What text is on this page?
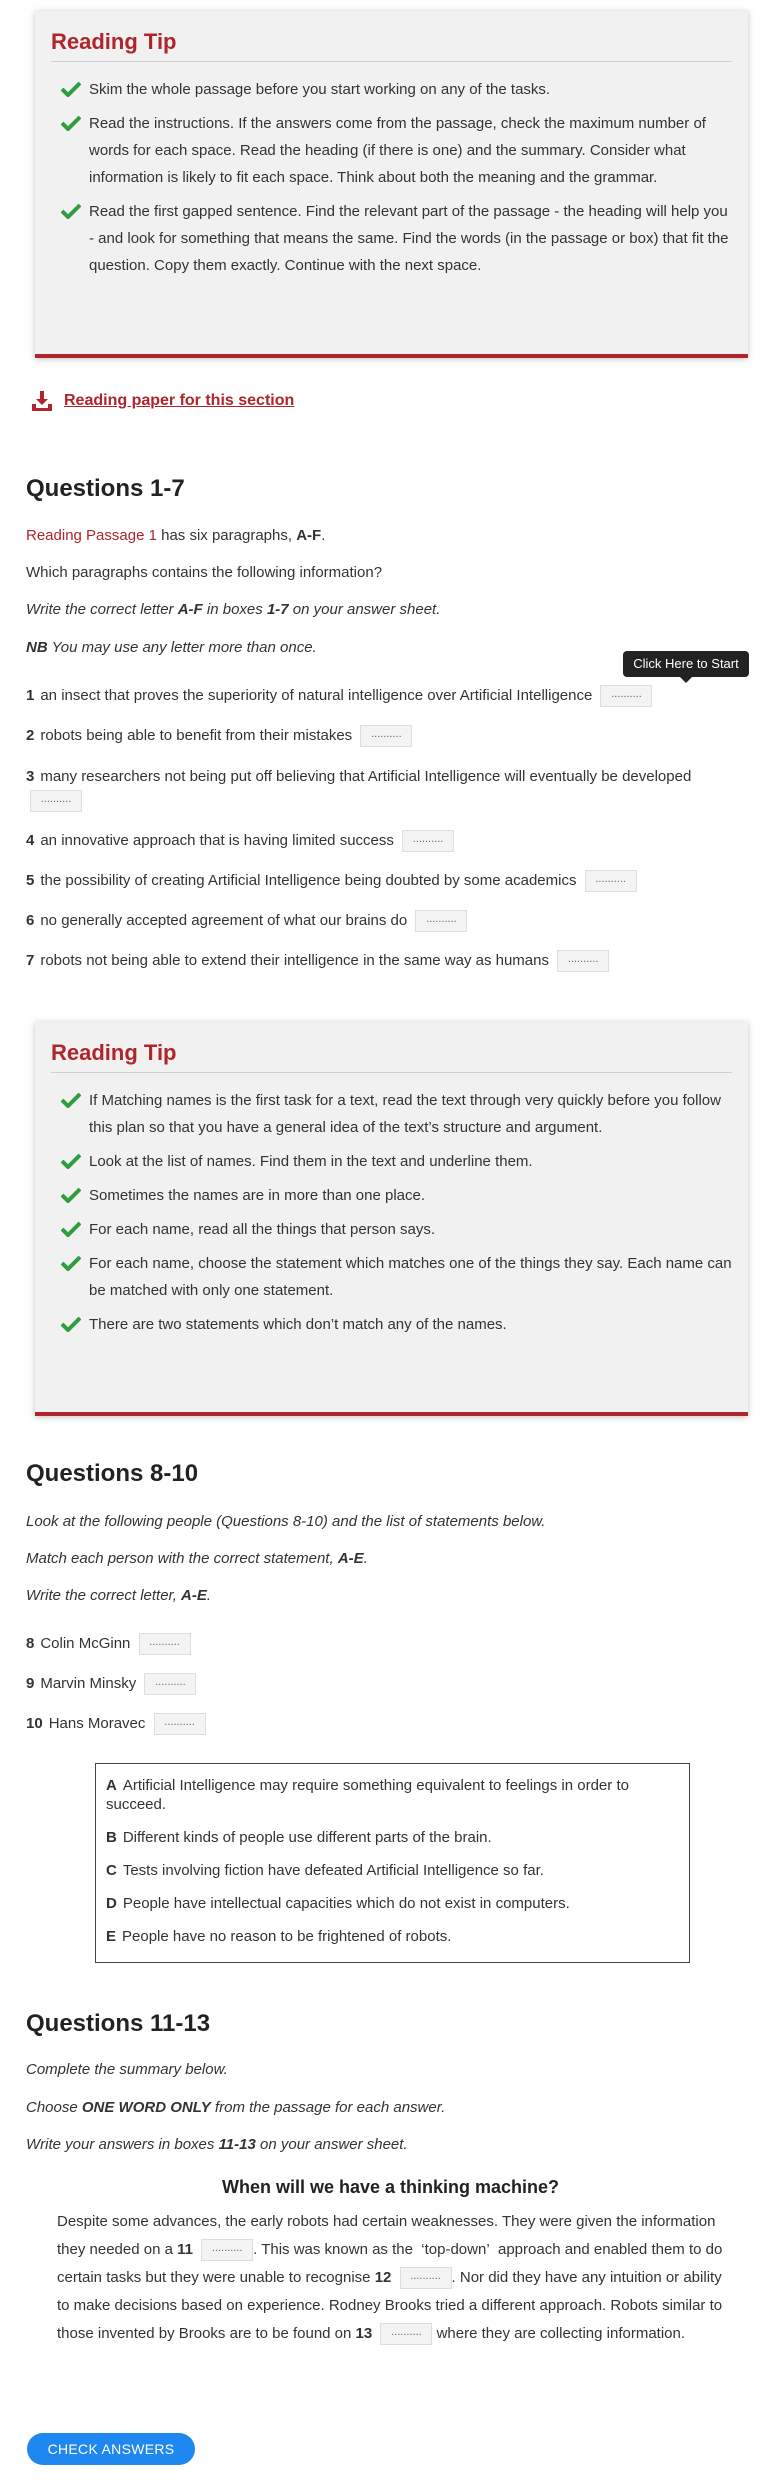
Reading Tip
Skim the whole passage before you start working on any of the tasks.
Read the instructions. If the answers come from the passage, check the maximum number of words for each space. Read the heading (if there is one) and the summary. Consider what information is likely to fit each space. Think about both the meaning and the grammar.
Read the first gapped sentence. Find the relevant part of the passage - the heading will help you - and look for something that means the same. Find the words (in the passage or box) that fit the question. Copy them exactly. Continue with the next space.
Reading paper for this section
Questions 1-7
Reading Passage 1 has six paragraphs, A-F.
Which paragraphs contains the following information?
Write the correct letter A-F in boxes 1-7 on your answer sheet.
NB You may use any letter more than once.
Click Here to Start
1 an insect that proves the superiority of natural intelligence over Artificial Intelligence ..........
2 robots being able to benefit from their mistakes ..........
3 many researchers not being put off believing that Artificial Intelligence will eventually be developed ..........
4 an innovative approach that is having limited success ..........
5 the possibility of creating Artificial Intelligence being doubted by some academics ..........
6 no generally accepted agreement of what our brains do ..........
7 robots not being able to extend their intelligence in the same way as humans ..........
Reading Tip
If Matching names is the first task for a text, read the text through very quickly before you follow this plan so that you have a general idea of the text’s structure and argument.
Look at the list of names. Find them in the text and underline them.
Sometimes the names are in more than one place.
For each name, read all the things that person says.
For each name, choose the statement which matches one of the things they say. Each name can be matched with only one statement.
There are two statements which don’t match any of the names.
Questions 8-10
Look at the following people (Questions 8-10) and the list of statements below.
Match each person with the correct statement, A-E.
Write the correct letter, A-E.
8 Colin McGinn ..........
9 Marvin Minsky ..........
10 Hans Moravec ..........
A Artificial Intelligence may require something equivalent to feelings in order to succeed.
B Different kinds of people use different parts of the brain.
C Tests involving fiction have defeated Artificial Intelligence so far.
D People have intellectual capacities which do not exist in computers.
E People have no reason to be frightened of robots.
Questions 11-13
Complete the summary below.
Choose ONE WORD ONLY from the passage for each answer.
Write your answers in boxes 11-13 on your answer sheet.
When will we have a thinking machine?
Despite some advances, the early robots had certain weaknesses. They were given the information they needed on a 11 .......... . This was known as the  ‘top-down’  approach and enabled them to do certain tasks but they were unable to recognise 12 .......... . Nor did they have any intuition or ability to make decisions based on experience. Rodney Brooks tried a different approach. Robots similar to those invented by Brooks are to be found on 13 .......... where they are collecting information.
CHECK ANSWERS
